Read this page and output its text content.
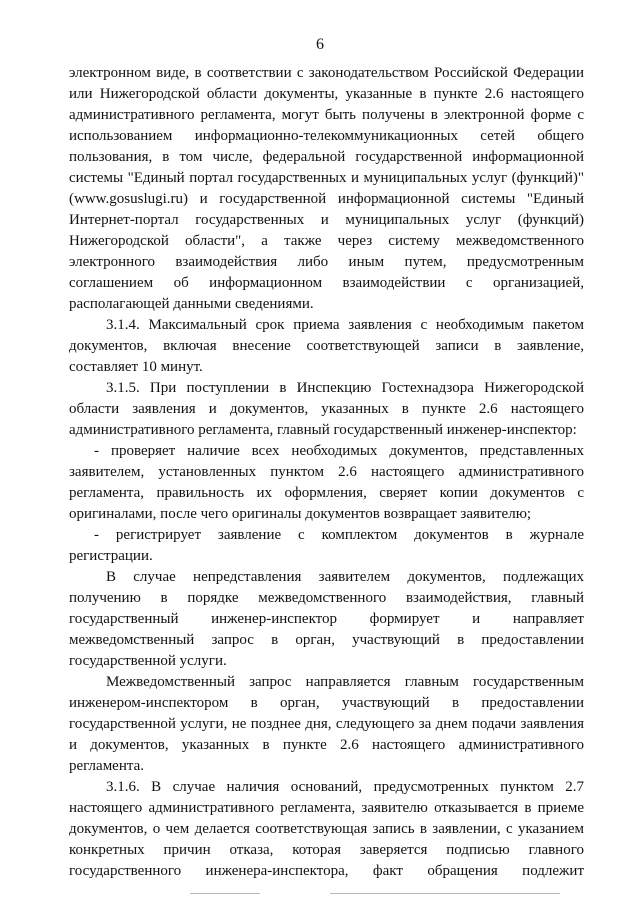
6
электронном виде, в соответствии с законодательством Российской Федерации
или Нижегородской области документы, указанные в пункте 2.6 настоящего
административного регламента, могут быть получены в электронной форме с
использованием информационно-телекоммуникационных сетей общего
пользования, в том числе, федеральной государственной информационной
системы "Единый портал государственных и муниципальных услуг (функций)"
(www.gosuslugi.ru) и государственной информационной системы "Единый
Интернет-портал государственных и муниципальных услуг (функций)
Нижегородской области", а также через систему межведомственного
электронного взаимодействия либо иным путем, предусмотренным
соглашением об информационном взаимодействии с организацией,
располагающей данными сведениями.
3.1.4. Максимальный срок приема заявления с необходимым пакетом
документов, включая внесение соответствующей записи в заявление,
составляет 10 минут.
3.1.5. При поступлении в Инспекцию Гостехнадзора Нижегородской
области заявления и документов, указанных в пункте 2.6 настоящего
административного регламента, главный государственный инженер-инспектор:
- проверяет наличие всех необходимых документов, представленных
заявителем, установленных пунктом 2.6 настоящего административного
регламента, правильность их оформления, сверяет копии документов с
оригиналами, после чего оригиналы документов возвращает заявителю;
- регистрирует заявление с комплектом документов в журнале
регистрации.
В случае непредставления заявителем документов, подлежащих
получению в порядке межведомственного взаимодействия, главный
государственный инженер-инспектор формирует и направляет
межведомственный запрос в орган, участвующий в предоставлении
государственной услуги.
Межведомственный запрос направляется главным государственным
инженером-инспектором в орган, участвующий в предоставлении
государственной услуги, не позднее дня, следующего за днем подачи заявления
и документов, указанных в пункте 2.6 настоящего административного
регламента.
3.1.6. В случае наличия оснований, предусмотренных пунктом 2.7
настоящего административного регламента, заявителю отказывается в приеме
документов, о чем делается соответствующая запись в заявлении, с указанием
конкретных причин отказа, которая заверяется подписью главного
государственного инженера-инспектора, факт обращения подлежит
